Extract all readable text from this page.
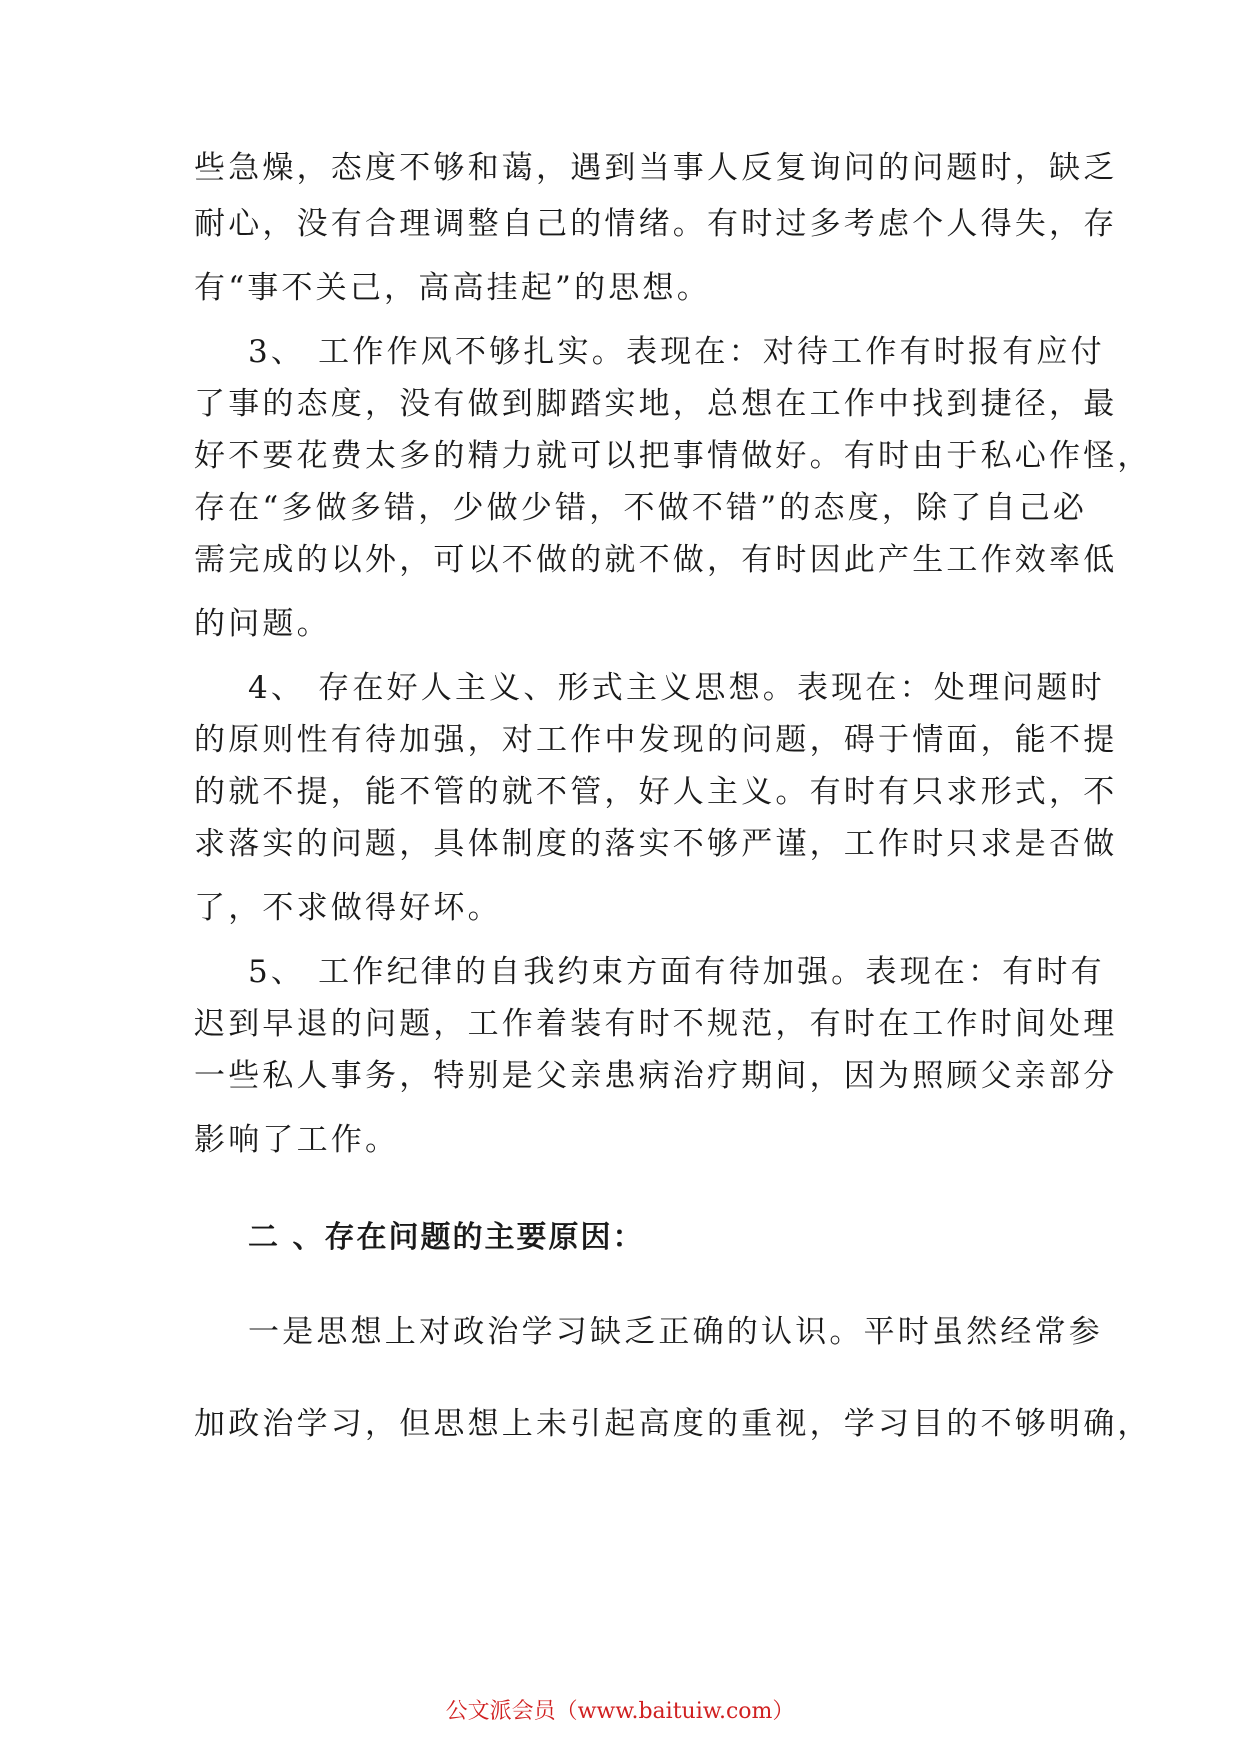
些急燥，态度不够和蔼，遇到当事人反复询问的问题时，缺乏
耐心，没有合理调整自己的情绪。有时过多考虑个人得失，存
有“事不关己，高高挂起”的思想。
3、 工作作风不够扎实。表现在：对待工作有时报有应付
了事的态度，没有做到脚踏实地，总想在工作中找到捷径，最
好不要花费太多的精力就可以把事情做好。有时由于私心作怪，
存在“多做多错，少做少错，不做不错”的态度，除了自己必
需完成的以外，可以不做的就不做，有时因此产生工作效率低
的问题。
4、 存在好人主义、形式主义思想。表现在：处理问题时
的原则性有待加强，对工作中发现的问题，碍于情面，能不提
的就不提，能不管的就不管，好人主义。有时有只求形式，不
求落实的问题，具体制度的落实不够严谨，工作时只求是否做
了，不求做得好坏。
5、 工作纪律的自我约束方面有待加强。表现在：有时有
迟到早退的问题，工作着装有时不规范，有时在工作时间处理
一些私人事务，特别是父亲患病治疗期间，因为照顾父亲部分
影响了工作。
二 、存在问题的主要原因：
一是思想上对政治学习缺乏正确的认识。平时虽然经常参
加政治学习，但思想上未引起高度的重视，学习目的不够明确，
公文派会员（www.baituiw.com）
